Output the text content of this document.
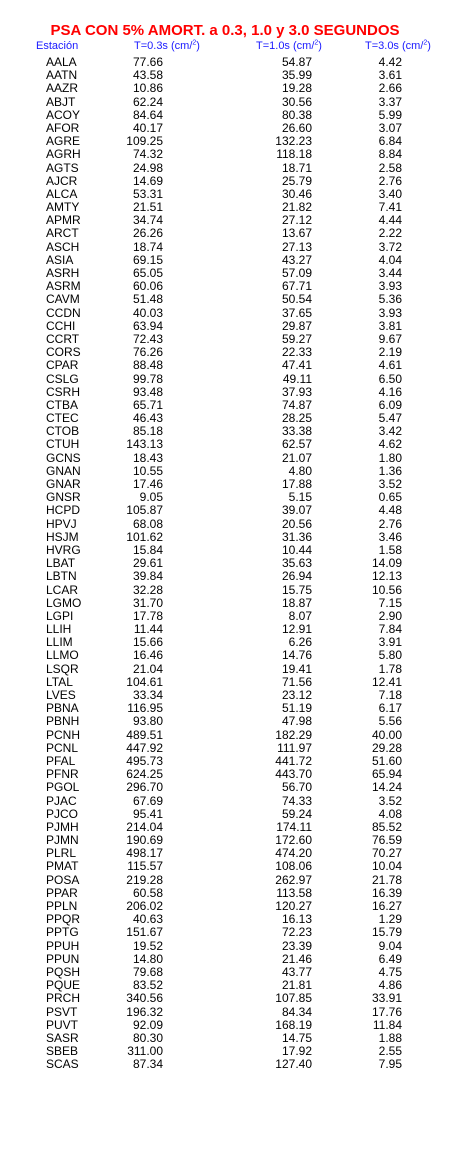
PSA CON 5% AMORT. a 0.3, 1.0 y 3.0 SEGUNDOS
Estación	T=0.3s (cm/$^2$)	T=1.0s (cm/$^2$)	T=3.0s (cm/$^2$)
AALA	77.66	54.87	4.42
AATN	43.58	35.99	3.61
AAZR	10.86	19.28	2.66
ABJT	62.24	30.56	3.37
ACOY	84.64	80.38	5.99
AFOR	40.17	26.60	3.07
AGRE	109.25	132.23	6.84
AGRH	74.32	118.18	8.84
AGTS	24.98	18.71	2.58
AJCR	14.69	25.79	2.76
ALCA	53.31	30.46	3.40
AMTY	21.51	21.82	7.41
APMR	34.74	27.12	4.44
ARCT	26.26	13.67	2.22
ASCH	18.74	27.13	3.72
ASIA	69.15	43.27	4.04
ASRH	65.05	57.09	3.44
ASRM	60.06	67.71	3.93
CAVM	51.48	50.54	5.36
CCDN	40.03	37.65	3.93
CCHI	63.94	29.87	3.81
CCRT	72.43	59.27	9.67
CORS	76.26	22.33	2.19
CPAR	88.48	47.41	4.61
CSLG	99.78	49.11	6.50
CSRH	93.48	37.93	4.16
CTBA	65.71	74.87	6.09
CTEC	46.43	28.25	5.47
CTOB	85.18	33.38	3.42
CTUH	143.13	62.57	4.62
GCNS	18.43	21.07	1.80
GNAN	10.55	4.80	1.36
GNAR	17.46	17.88	3.52
GNSR	9.05	5.15	0.65
HCPD	105.87	39.07	4.48
HPVJ	68.08	20.56	2.76
HSJM	101.62	31.36	3.46
HVRG	15.84	10.44	1.58
LBAT	29.61	35.63	14.09
LBTN	39.84	26.94	12.13
LCAR	32.28	15.75	10.56
LGMO	31.70	18.87	7.15
LGPI	17.78	8.07	2.90
LLIH	11.44	12.91	7.84
LLIM	15.66	6.26	3.91
LLMO	16.46	14.76	5.80
LSQR	21.04	19.41	1.78
LTAL	104.61	71.56	12.41
LVES	33.34	23.12	7.18
PBNA	116.95	51.19	6.17
PBNH	93.80	47.98	5.56
PCNH	489.51	182.29	40.00
PCNL	447.92	111.97	29.28
PFAL	495.73	441.72	51.60
PFNR	624.25	443.70	65.94
PGOL	296.70	56.70	14.24
PJAC	67.69	74.33	3.52
PJCO	95.41	59.24	4.08
PJMH	214.04	174.11	85.52
PJMN	190.69	172.60	76.59
PLRL	498.17	474.20	70.27
PMAT	115.57	108.06	10.04
POSA	219.28	262.97	21.78
PPAR	60.58	113.58	16.39
PPLN	206.02	120.27	16.27
PPQR	40.63	16.13	1.29
PPTG	151.67	72.23	15.79
PPUH	19.52	23.39	9.04
PPUN	14.80	21.46	6.49
PQSH	79.68	43.77	4.75
PQUE	83.52	21.81	4.86
PRCH	340.56	107.85	33.91
PSVT	196.32	84.34	17.76
PUVT	92.09	168.19	11.84
SASR	80.30	14.75	1.88
SBEB	311.00	17.92	2.55
SCAS	87.34	127.40	7.95
